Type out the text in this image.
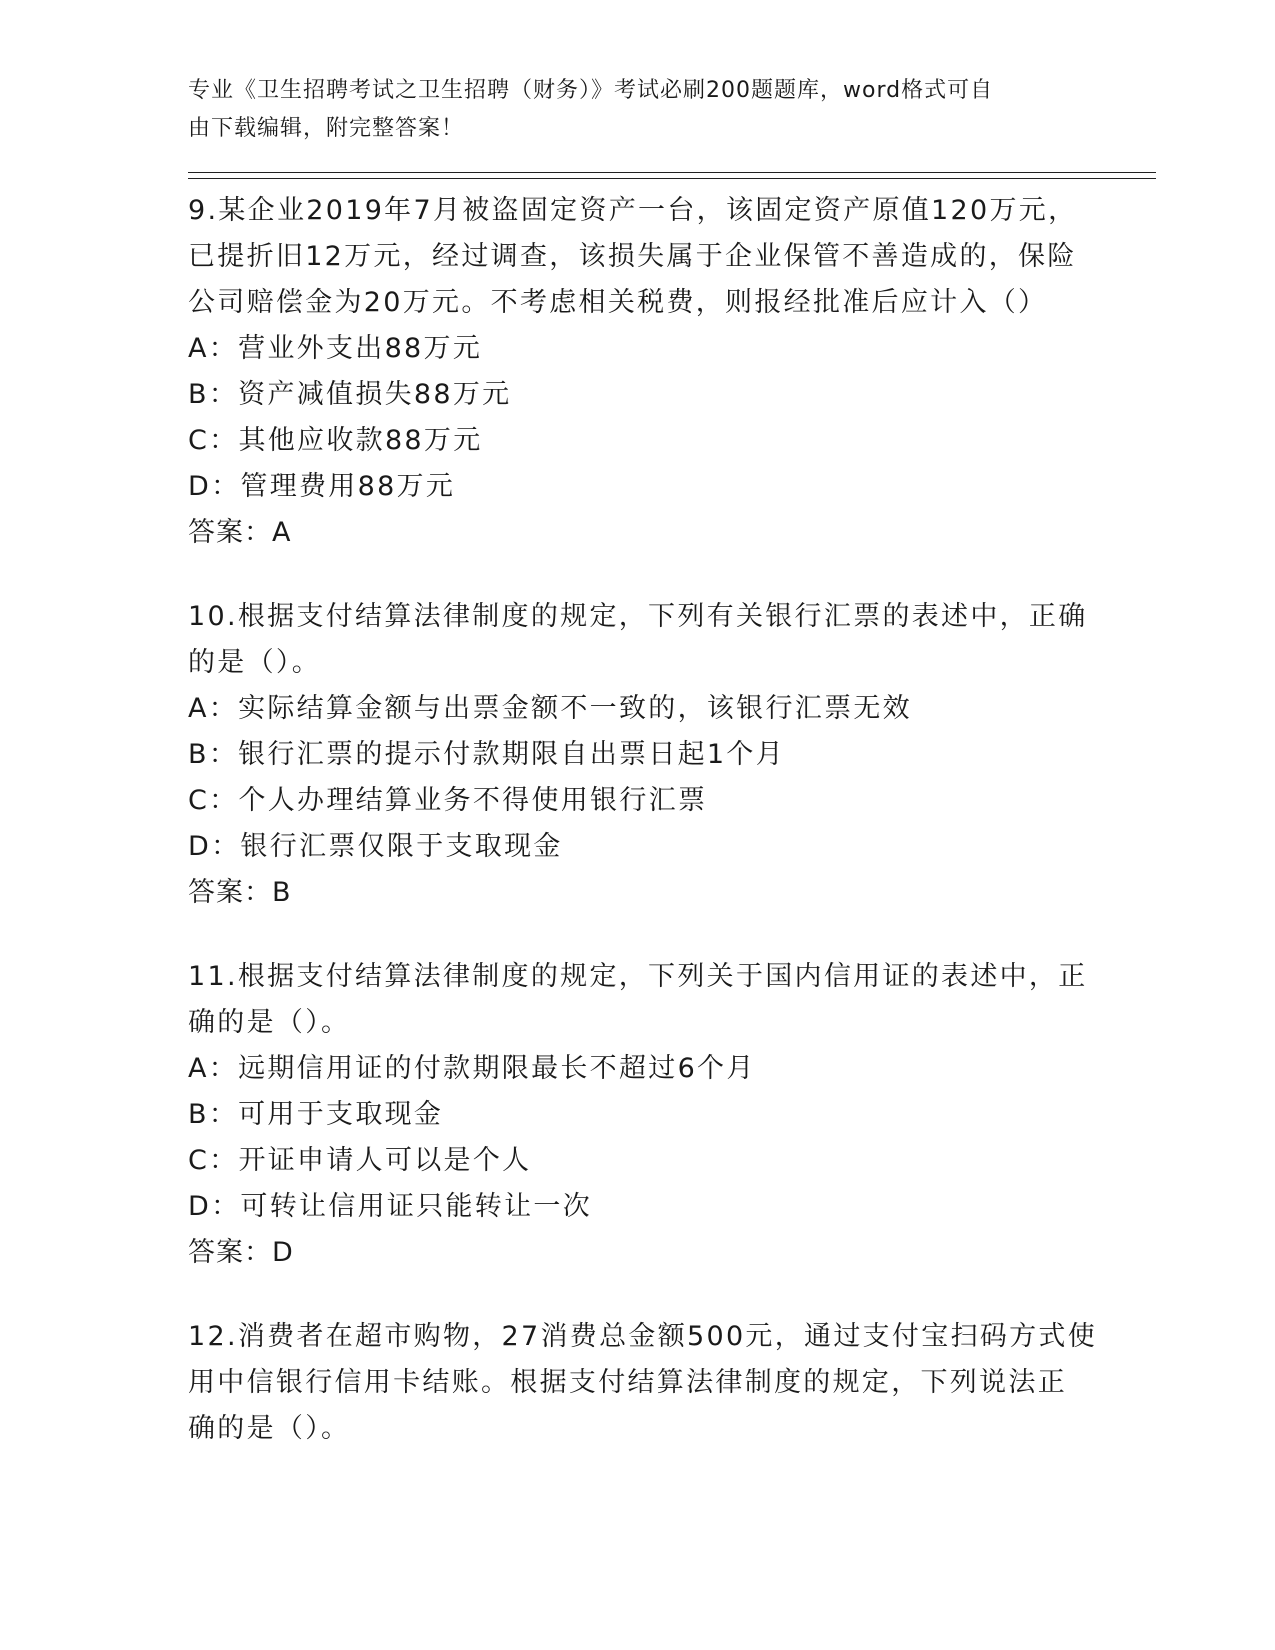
专业《卫生招聘考试之卫生招聘（财务）》考试必刷200题题库，word格式可自
由下载编辑，附完整答案！
9.某企业2019年7月被盗固定资产一台，该固定资产原值120万元，
已提折旧12万元，经过调查，该损失属于企业保管不善造成的，保险
公司赔偿金为20万元。不考虑相关税费，则报经批准后应计入（）
A：营业外支出88万元
B：资产减值损失88万元
C：其他应收款88万元
D：管理费用88万元
答案：A
10.根据支付结算法律制度的规定，下列有关银行汇票的表述中，正确
的是（）。
A：实际结算金额与出票金额不一致的，该银行汇票无效
B：银行汇票的提示付款期限自出票日起1个月
C：个人办理结算业务不得使用银行汇票
D：银行汇票仅限于支取现金
答案：B
11.根据支付结算法律制度的规定，下列关于国内信用证的表述中，正
确的是（）。
A：远期信用证的付款期限最长不超过6个月
B：可用于支取现金
C：开证申请人可以是个人
D：可转让信用证只能转让一次
答案：D
12.消费者在超市购物，27消费总金额500元，通过支付宝扫码方式使
用中信银行信用卡结账。根据支付结算法律制度的规定，下列说法正
确的是（）。
